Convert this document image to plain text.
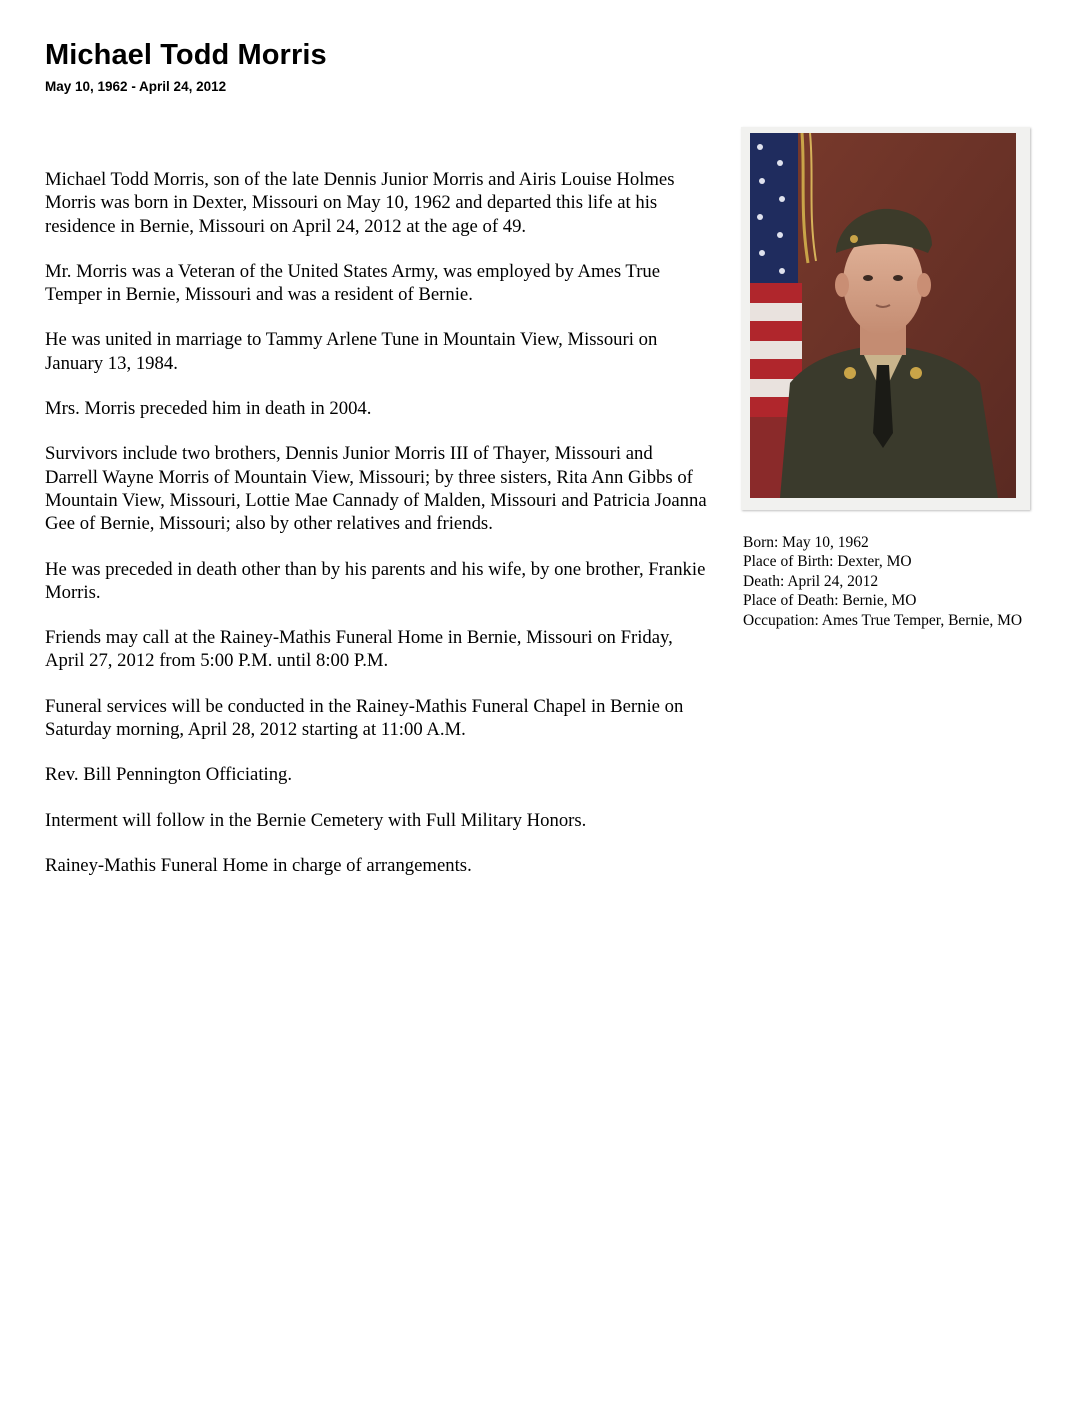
Michael Todd Morris
May 10, 1962 - April 24, 2012

Michael Todd Morris, son of the late Dennis Junior Morris and Airis Louise Holmes Morris was born in Dexter, Missouri on May 10, 1962 and departed this life at his residence in Bernie, Missouri on April 24, 2012 at the age of 49.

Mr. Morris was a Veteran of the United States Army, was employed by Ames True Temper in Bernie, Missouri and was a resident of Bernie.

He was united in marriage to Tammy Arlene Tune in Mountain View, Missouri on January 13, 1984.

Mrs. Morris preceded him in death in 2004.

Survivors include two brothers, Dennis Junior Morris III of Thayer, Missouri and Darrell Wayne Morris of Mountain View, Missouri; by three sisters, Rita Ann Gibbs of Mountain View, Missouri, Lottie Mae Cannady of Malden, Missouri and Patricia Joanna Gee of Bernie, Missouri; also by other relatives and friends.

He was preceded in death other than by his parents and his wife, by one brother, Frankie Morris.

Friends may call at the Rainey-Mathis Funeral Home in Bernie, Missouri on Friday, April 27, 2012 from 5:00 P.M. until 8:00 P.M.

Funeral services will be conducted in the Rainey-Mathis Funeral Chapel in Bernie on Saturday morning, April 28, 2012 starting at 11:00 A.M.

Rev. Bill Pennington Officiating.

Interment will follow in the Bernie Cemetery with Full Military Honors.

Rainey-Mathis Funeral Home in charge of arrangements.

Born: May 10, 1962
Place of Birth: Dexter, MO
Death: April 24, 2012
Place of Death: Bernie, MO
Occupation: Ames True Temper, Bernie, MO
